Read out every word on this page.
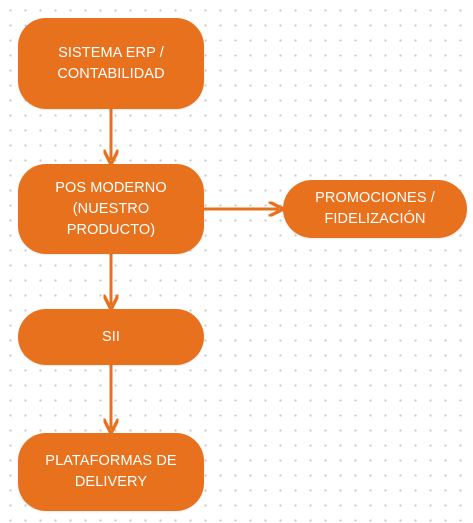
SISTEMA ERP /
CONTABILIDAD
POS MODERNO
(NUESTRO PRODUCTO)
PROMOCIONES /
FIDELIZACIÓN
SII
PLATAFORMAS DE
DELIVERY
